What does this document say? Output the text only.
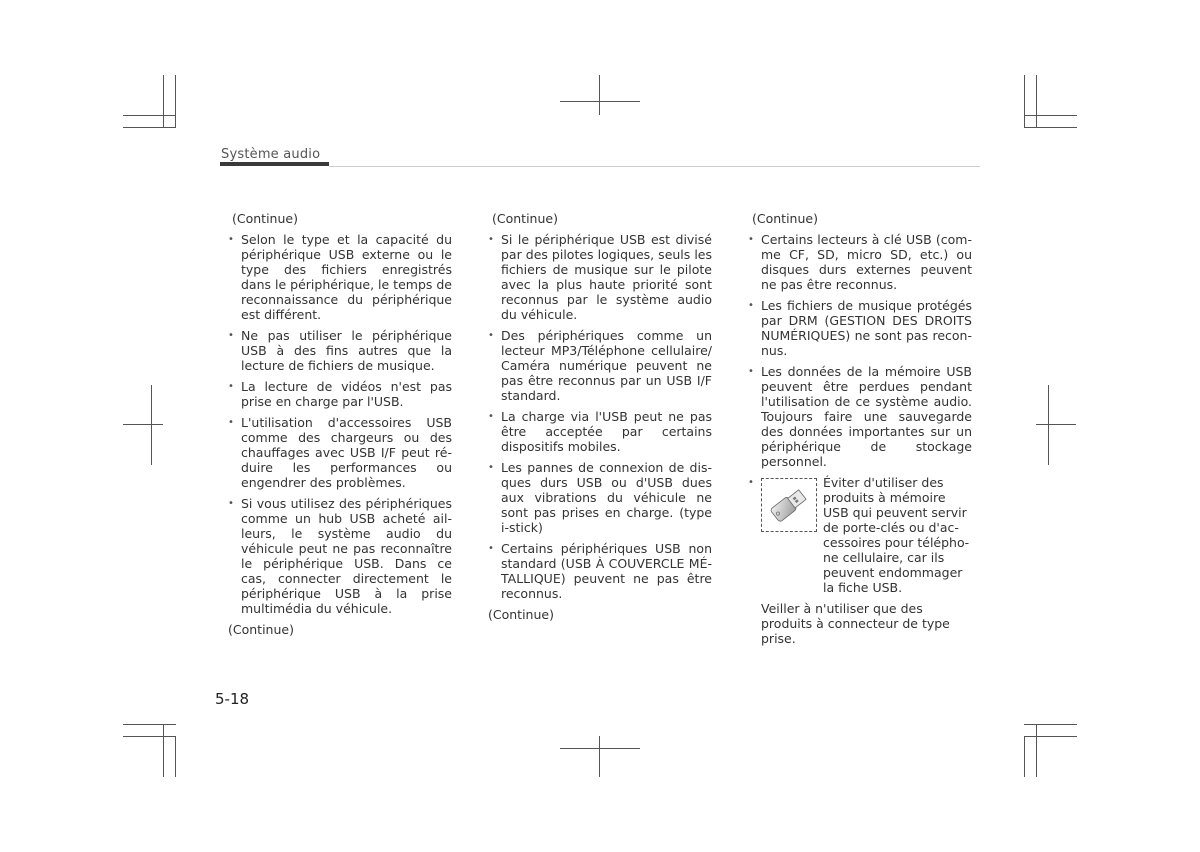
Système audio
(Continue)
• Selon le type et la capacité du périphérique USB externe ou le type des fichiers enregistrés dans le périphérique, le temps de reconnaissance du périphérique est différent.
• Ne pas utiliser le périphérique USB à des fins autres que la lecture de fichiers de musique.
• La lecture de vidéos n'est pas prise en charge par l'USB.
• L'utilisation d'accessoires USB comme des chargeurs ou des chauffages avec USB I/F peut réduire les performances ou engendrer des problèmes.
• Si vous utilisez des périphériques comme un hub USB acheté ailleurs, le système audio du véhicule peut ne pas reconnaître le périphérique USB. Dans ce cas, connecter directement le périphérique USB à la prise multimédia du véhicule.
(Continue)
(Continue)
• Si le périphérique USB est divisé par des pilotes logiques, seuls les fichiers de musique sur le pilote avec la plus haute priorité sont reconnus par le système audio du véhicule.
• Des périphériques comme un lecteur MP3/Téléphone cellulaire/ Caméra numérique peuvent ne pas être reconnus par un USB I/F standard.
• La charge via l'USB peut ne pas être acceptée par certains dispositifs mobiles.
• Les pannes de connexion de disques durs USB ou d'USB dues aux vibrations du véhicule ne sont pas prises en charge. (type i-stick)
• Certains périphériques USB non standard (USB À COUVERCLE MÉTALLIQUE) peuvent ne pas être reconnus.
(Continue)
(Continue)
• Certains lecteurs à clé USB (comme CF, SD, micro SD, etc.) ou disques durs externes peuvent ne pas être reconnus.
• Les fichiers de musique protégés par DRM (GESTION DES DROITS NUMÉRIQUES) ne sont pas reconnus.
• Les données de la mémoire USB peuvent être perdues pendant l'utilisation de ce système audio. Toujours faire une sauvegarde des données importantes sur un périphérique de stockage personnel.
• Éviter d'utiliser des produits à mémoire USB qui peuvent servir de porte-clés ou d'accessoires pour téléphone cellulaire, car ils peuvent endommager la fiche USB.
Veiller à n'utiliser que des produits à connecteur de type prise.
5-18
